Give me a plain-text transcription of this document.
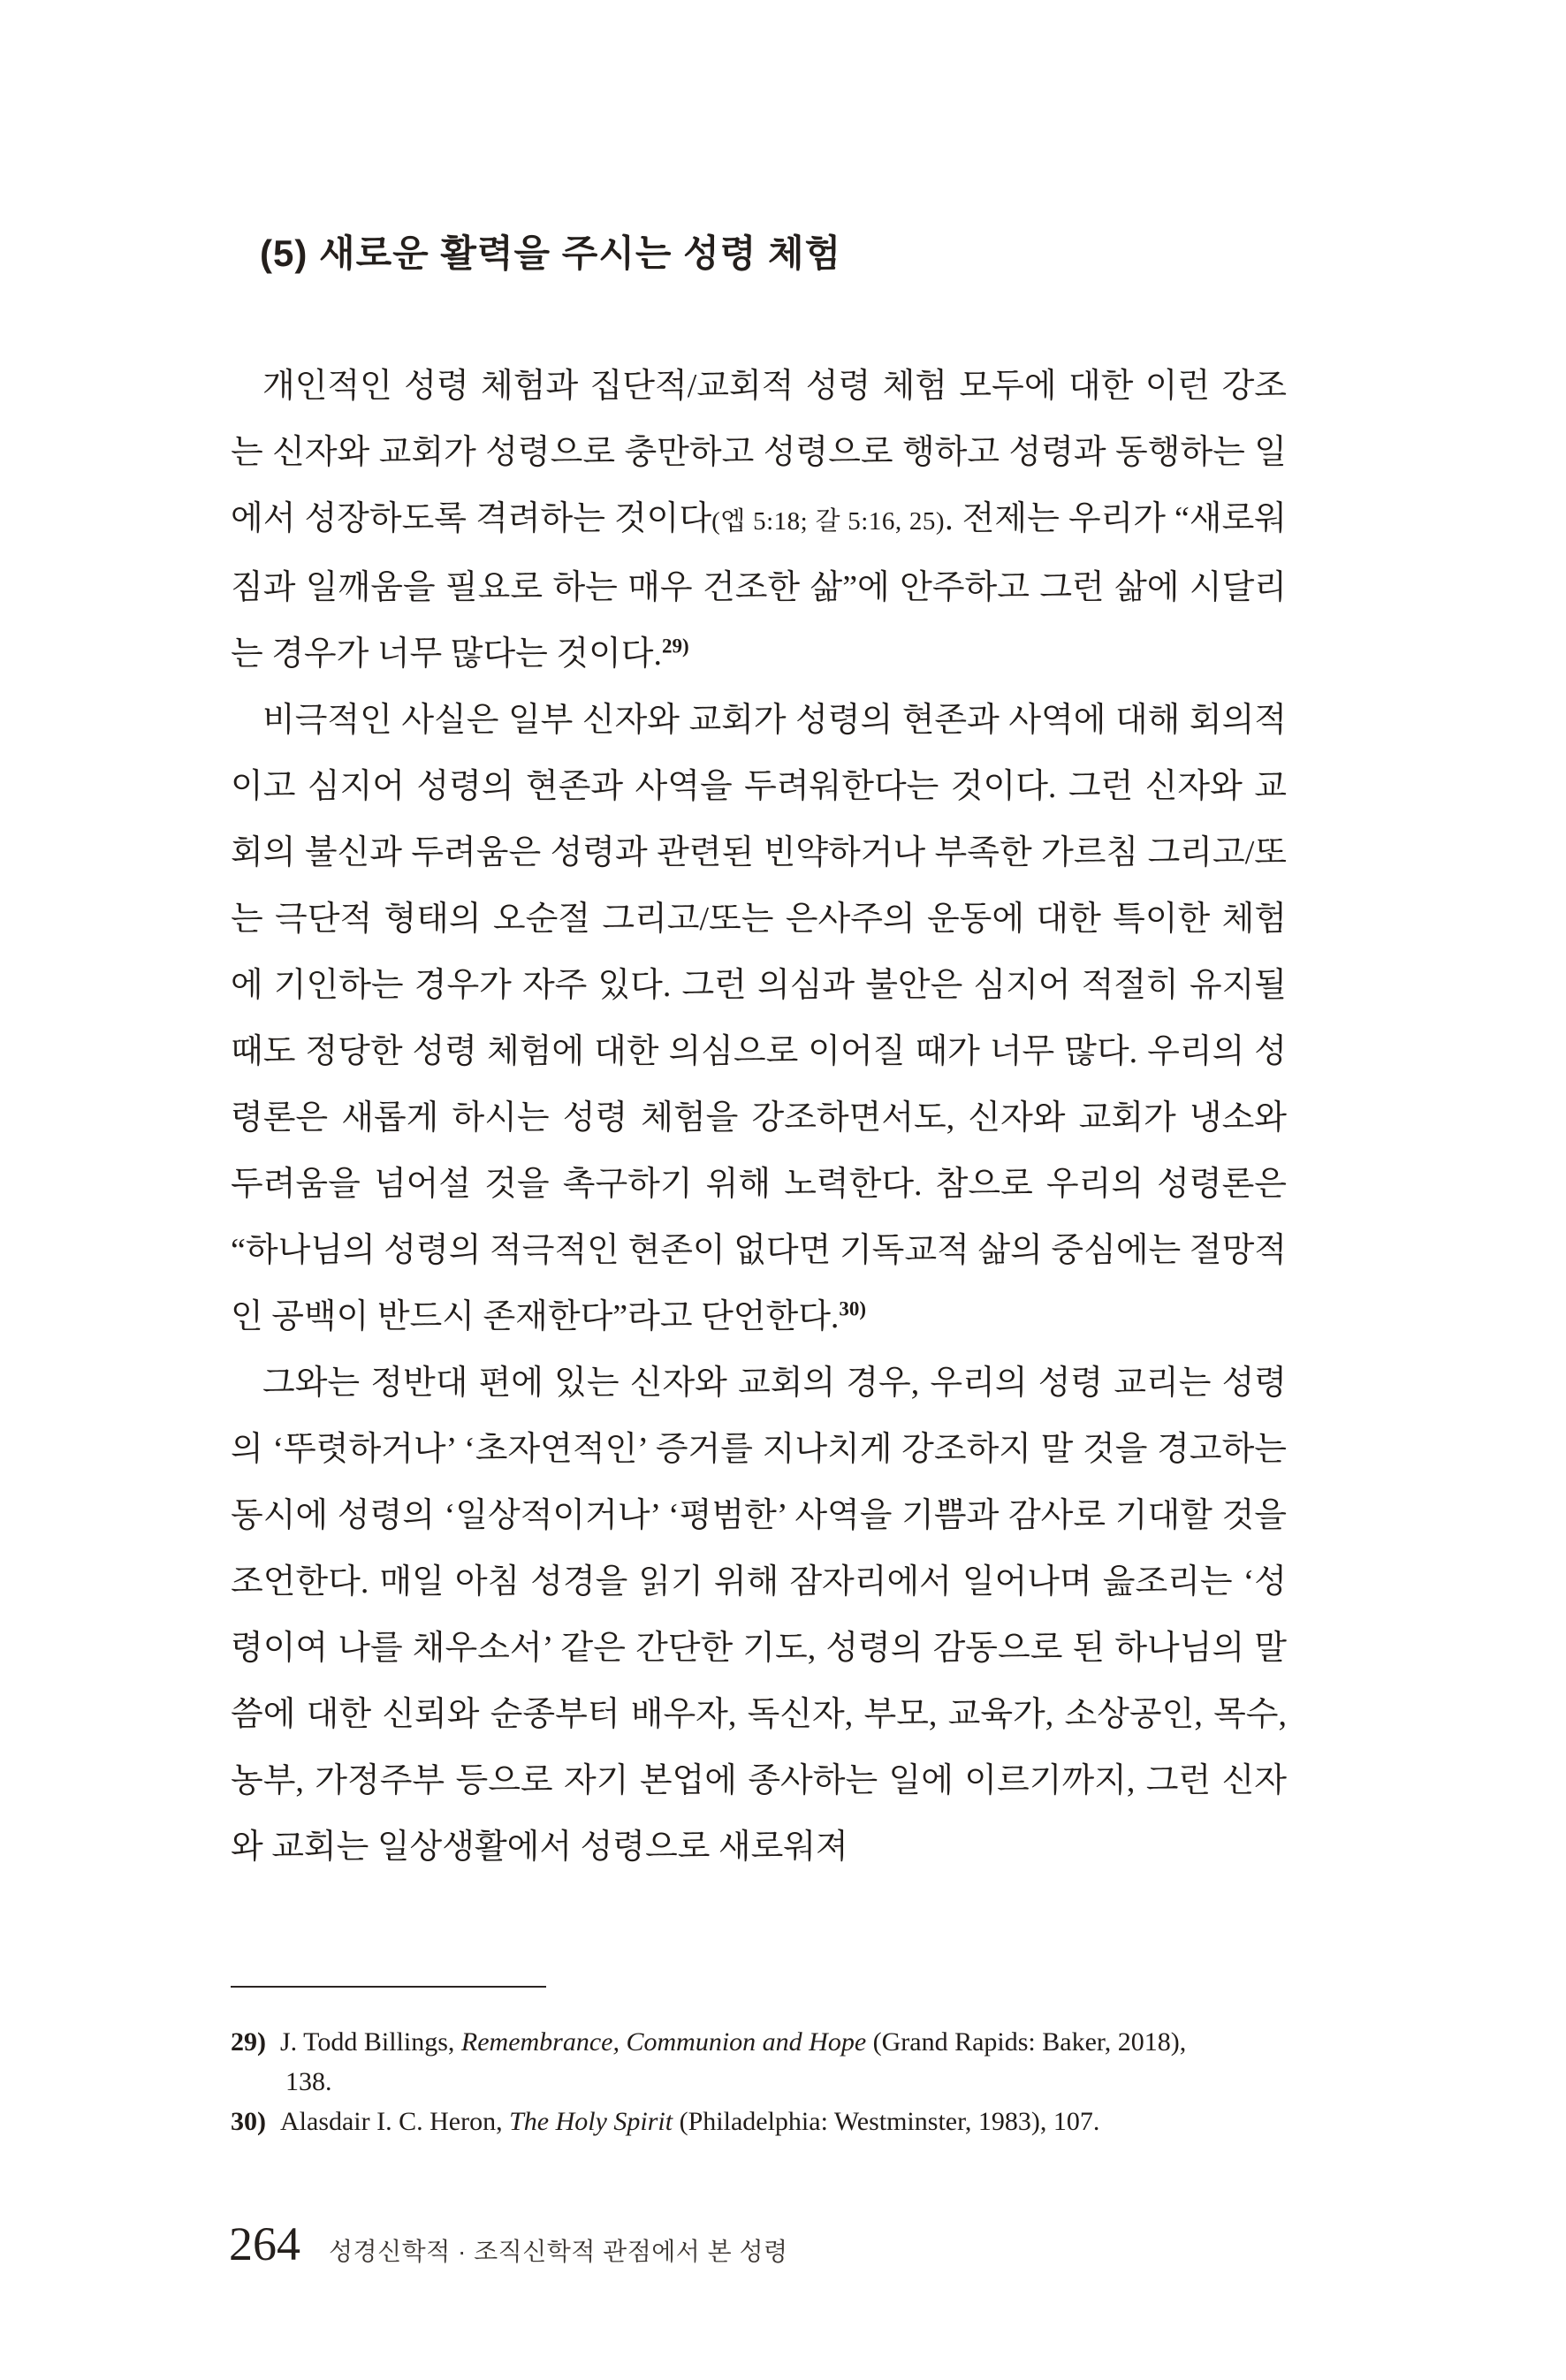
(5) 새로운 활력을 주시는 성령 체험

개인적인 성령 체험과 집단적/교회적 성령 체험 모두에 대한 이런 강조는 신자와 교회가 성령으로 충만하고 성령으로 행하고 성령과 동행하는 일에서 성장하도록 격려하는 것이다(엡 5:18; 갈 5:16, 25). 전제는 우리가 “새로워짐과 일깨움을 필요로 하는 매우 건조한 삶”에 안주하고 그런 삶에 시달리는 경우가 너무 많다는 것이다.$^{29)}$

비극적인 사실은 일부 신자와 교회가 성령의 현존과 사역에 대해 회의적이고 심지어 성령의 현존과 사역을 두려워한다는 것이다. 그런 신자와 교회의 불신과 두려움은 성령과 관련된 빈약하거나 부족한 가르침 그리고/또는 극단적 형태의 오순절 그리고/또는 은사주의 운동에 대한 특이한 체험에 기인하는 경우가 자주 있다. 그런 의심과 불안은 심지어 적절히 유지될 때도 정당한 성령 체험에 대한 의심으로 이어질 때가 너무 많다. 우리의 성령론은 새롭게 하시는 성령 체험을 강조하면서도, 신자와 교회가 냉소와 두려움을 넘어설 것을 촉구하기 위해 노력한다. 참으로 우리의 성령론은 “하나님의 성령의 적극적인 현존이 없다면 기독교적 삶의 중심에는 절망적인 공백이 반드시 존재한다”라고 단언한다.$^{30)}$

그와는 정반대 편에 있는 신자와 교회의 경우, 우리의 성령 교리는 성령의 ‘뚜렷하거나’ ‘초자연적인’ 증거를 지나치게 강조하지 말 것을 경고하는 동시에 성령의 ‘일상적이거나’ ‘평범한’ 사역을 기쁨과 감사로 기대할 것을 조언한다. 매일 아침 성경을 읽기 위해 잠자리에서 일어나며 읊조리는 ‘성령이여 나를 채우소서’ 같은 간단한 기도, 성령의 감동으로 된 하나님의 말씀에 대한 신뢰와 순종부터 배우자, 독신자, 부모, 교육가, 소상공인, 목수, 농부, 가정주부 등으로 자기 본업에 종사하는 일에 이르기까지, 그런 신자와 교회는 일상생활에서 성령으로 새로워져

29) J. Todd Billings, Remembrance, Communion and Hope (Grand Rapids: Baker, 2018),
138.
30) Alasdair I. C. Heron, The Holy Spirit (Philadelphia: Westminster, 1983), 107.
264 성경신학적 · 조직신학적 관점에서 본 성령
